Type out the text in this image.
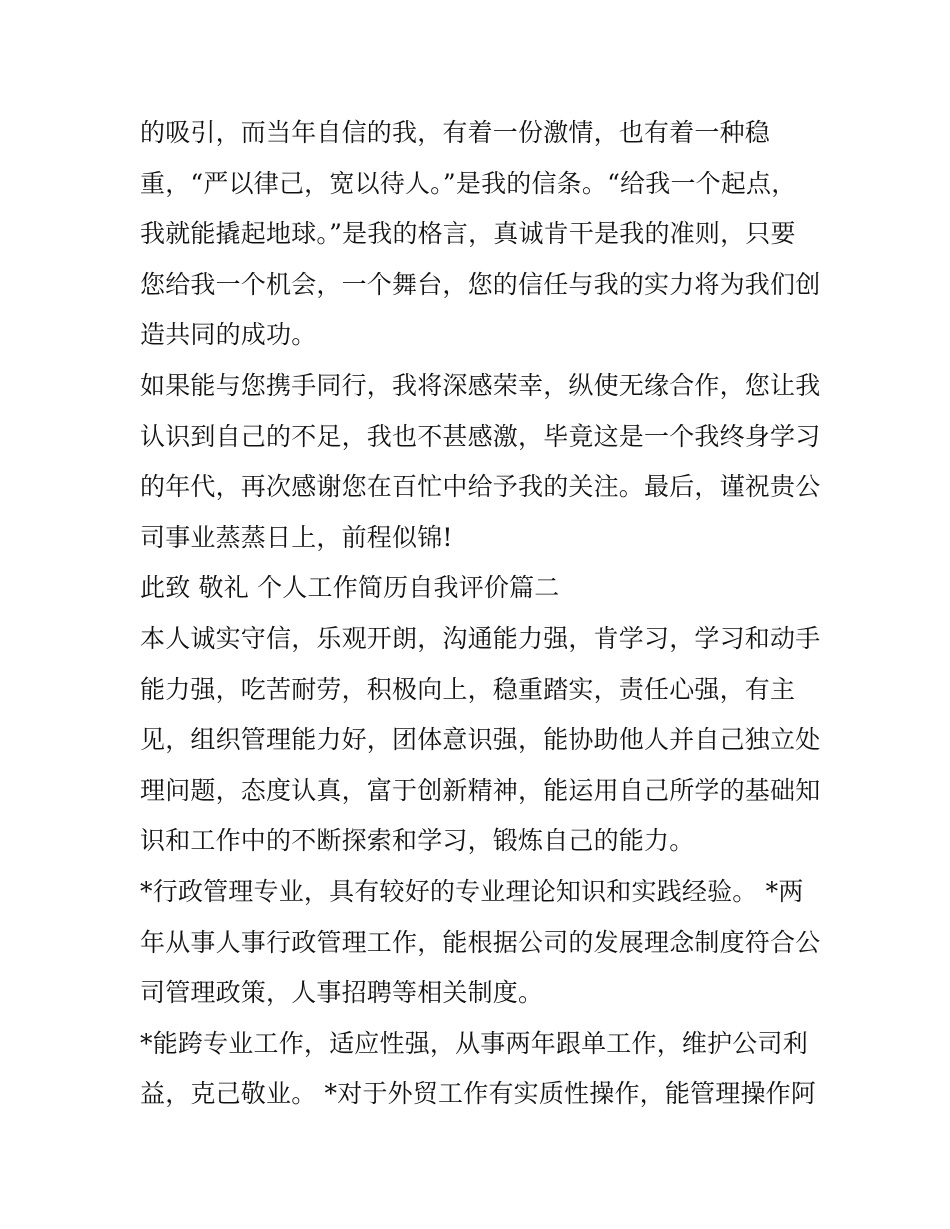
的吸引，而当年自信的我，有着一份激情，也有着一种稳
重，“严以律己，宽以待人。”是我的信条。“给我一个起点，
我就能撬起地球。”是我的格言，真诚肯干是我的准则，只要
您给我一个机会，一个舞台，您的信任与我的实力将为我们创
造共同的成功。
如果能与您携手同行，我将深感荣幸，纵使无缘合作，您让我
认识到自己的不足，我也不甚感激，毕竟这是一个我终身学习
的年代，再次感谢您在百忙中给予我的关注。最后，谨祝贵公
司事业蒸蒸日上，前程似锦!
此致 敬礼 个人工作简历自我评价篇二
本人诚实守信，乐观开朗，沟通能力强，肯学习，学习和动手
能力强，吃苦耐劳，积极向上，稳重踏实，责任心强，有主
见，组织管理能力好，团体意识强，能协助他人并自己独立处
理问题，态度认真，富于创新精神，能运用自己所学的基础知
识和工作中的不断探索和学习，锻炼自己的能力。
*行政管理专业，具有较好的专业理论知识和实践经验。 *两
年从事人事行政管理工作，能根据公司的发展理念制度符合公
司管理政策，人事招聘等相关制度。
*能跨专业工作，适应性强，从事两年跟单工作，维护公司利
益，克己敬业。 *对于外贸工作有实质性操作，能管理操作阿
